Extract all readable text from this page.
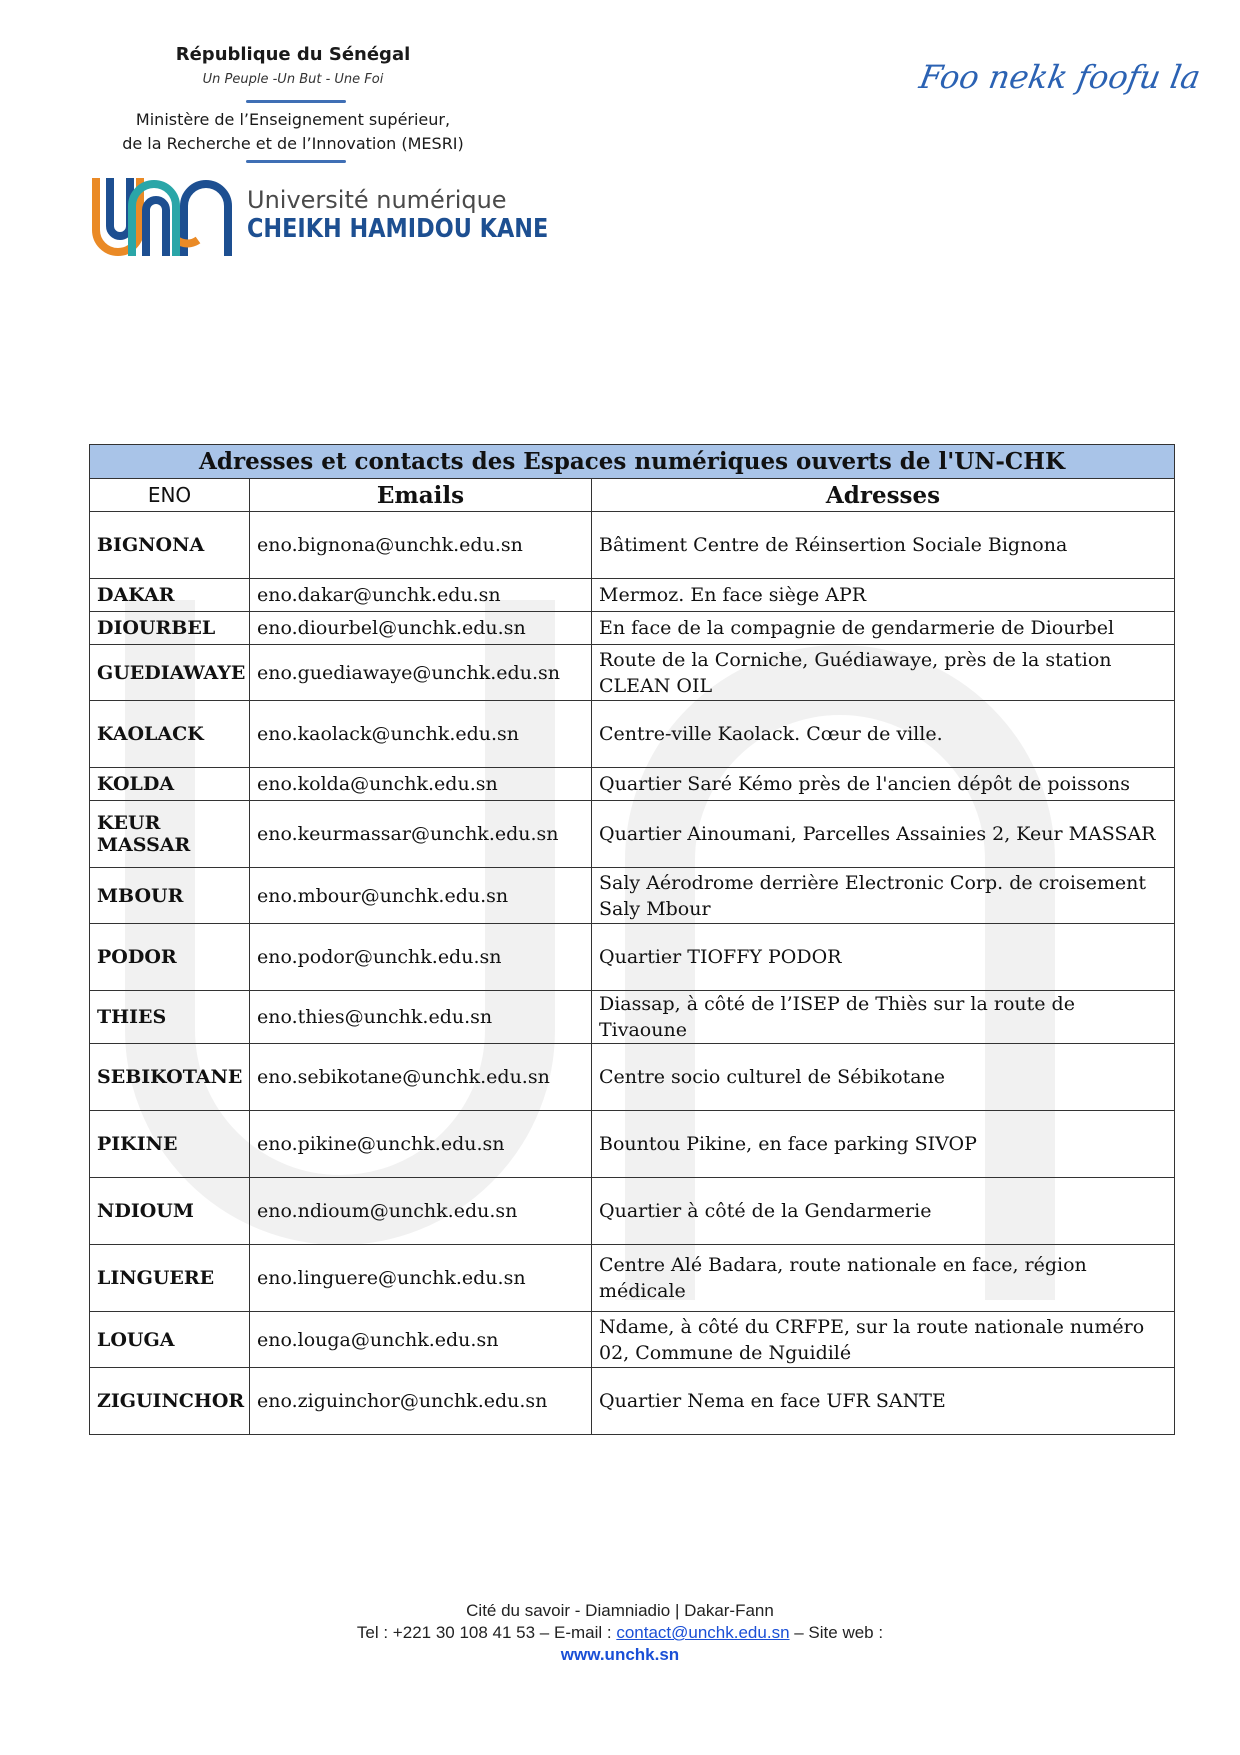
République du Sénégal
Un Peuple -Un But - Une Foi
Ministère de l’Enseignement supérieur,
de la Recherche et de l’Innovation (MESRI)
Université numérique
CHEIKH HAMIDOU KANE
Foo nekk foofu la
Adresses et contacts des Espaces numériques ouverts de l'UN-CHK		
ENO	Emails	Adresses
BIGNONA	eno.bignona@unchk.edu.sn	Bâtiment Centre de Réinsertion Sociale Bignona
DAKAR	eno.dakar@unchk.edu.sn	Mermoz. En face siège APR
DIOURBEL	eno.diourbel@unchk.edu.sn	En face de la compagnie de gendarmerie de Diourbel
GUEDIAWAYE	eno.guediawaye@unchk.edu.sn	Route de la Corniche, Guédiawaye, près de la station CLEAN OIL
KAOLACK	eno.kaolack@unchk.edu.sn	Centre-ville Kaolack. Cœur de ville.
KOLDA	eno.kolda@unchk.edu.sn	Quartier Saré Kémo près de l'ancien dépôt de poissons
KEUR MASSAR	eno.keurmassar@unchk.edu.sn	Quartier Ainoumani, Parcelles Assainies 2, Keur MASSAR
MBOUR	eno.mbour@unchk.edu.sn	Saly Aérodrome derrière Electronic Corp. de croisement Saly Mbour
PODOR	eno.podor@unchk.edu.sn	Quartier TIOFFY PODOR
THIES	eno.thies@unchk.edu.sn	Diassap, à côté de l’ISEP de Thiès sur la route de Tivaoune
SEBIKOTANE	eno.sebikotane@unchk.edu.sn	Centre socio culturel de Sébikotane
PIKINE	eno.pikine@unchk.edu.sn	Bountou Pikine, en face parking SIVOP
NDIOUM	eno.ndioum@unchk.edu.sn	Quartier à côté de la Gendarmerie
LINGUERE	eno.linguere@unchk.edu.sn	Centre Alé Badara, route nationale en face, région médicale
LOUGA	eno.louga@unchk.edu.sn	Ndame, à côté du CRFPE, sur la route nationale numéro 02, Commune de Nguidilé
ZIGUINCHOR	eno.ziguinchor@unchk.edu.sn	Quartier Nema en face UFR SANTE
Cité du savoir - Diamniadio | Dakar-Fann
Tel : +221 30 108 41 53 – E-mail : contact@unchk.edu.sn – Site web :
www.unchk.sn
